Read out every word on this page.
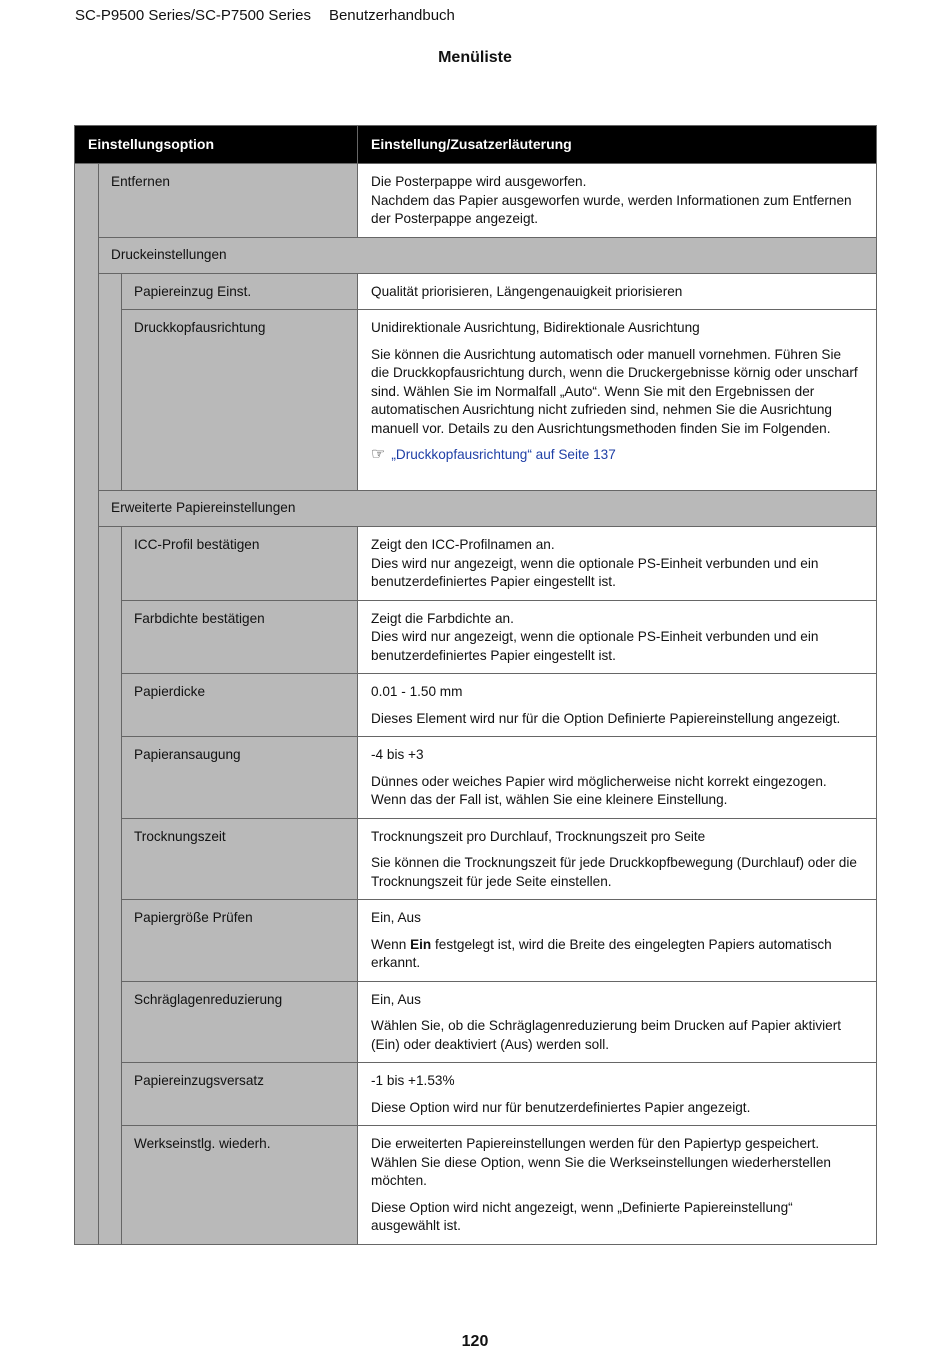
SC-P9500 Series/SC-P7500 Series Benutzerhandbuch
Menüliste
Einstellungsoption			Einstellung/Zusatzerläuterung
	Entfernen		Die Posterpappe wird ausgeworfen.
Nachdem das Papier ausgeworfen wurde, werden Informationen zum Entfernen der Posterpappe angezeigt.

	Druckeinstellungen		
		Papiereinzug Einst.	Qualität priorisieren, Längengenauigkeit priorisieren

		Druckkopfausrichtung	Unidirektionale Ausrichtung, Bidirektionale Ausrichtung

Sie können die Ausrichtung automatisch oder manuell vornehmen. Führen Sie die Druckkopfausrichtung durch, wenn die Druckergebnisse körnig oder unscharf sind. Wählen Sie im Normalfall „Auto“. Wenn Sie mit den Ergebnissen der automatischen Ausrichtung nicht zufrieden sind, nehmen Sie die Ausrichtung manuell vor. Details zu den Ausrichtungsmethoden finden Sie im Folgenden.

☞ „Druckkopfausrichtung“ auf Seite 137

	Erweiterte Papiereinstellungen		
		ICC-Profil bestätigen	Zeigt den ICC-Profilnamen an.
Dies wird nur angezeigt, wenn die optionale PS-Einheit verbunden und ein benutzerdefiniertes Papier eingestellt ist.

		Farbdichte bestätigen	Zeigt die Farbdichte an.
Dies wird nur angezeigt, wenn die optionale PS-Einheit verbunden und ein benutzerdefiniertes Papier eingestellt ist.

		Papierdicke	0.01 - 1.50 mm

Dieses Element wird nur für die Option Definierte Papiereinstellung angezeigt.

		Papieransaugung	-4 bis +3

Dünnes oder weiches Papier wird möglicherweise nicht korrekt eingezogen. Wenn das der Fall ist, wählen Sie eine kleinere Einstellung.

		Trocknungszeit	Trocknungszeit pro Durchlauf, Trocknungszeit pro Seite

Sie können die Trocknungszeit für jede Druckkopfbewegung (Durchlauf) oder die Trocknungszeit für jede Seite einstellen.

		Papiergröße Prüfen	Ein, Aus

Wenn Ein festgelegt ist, wird die Breite des eingelegten Papiers automatisch erkannt.

		Schräglagenreduzierung	Ein, Aus

Wählen Sie, ob die Schräglagenreduzierung beim Drucken auf Papier aktiviert (Ein) oder deaktiviert (Aus) werden soll.

		Papiereinzugsversatz	-1 bis +1.53%

Diese Option wird nur für benutzerdefiniertes Papier angezeigt.

		Werkseinstlg. wiederh.	Die erweiterten Papiereinstellungen werden für den Papiertyp gespeichert. Wählen Sie diese Option, wenn Sie die Werkseinstellungen wiederherstellen möchten.

Diese Option wird nicht angezeigt, wenn „Definierte Papiereinstellung“ ausgewählt ist.

120
